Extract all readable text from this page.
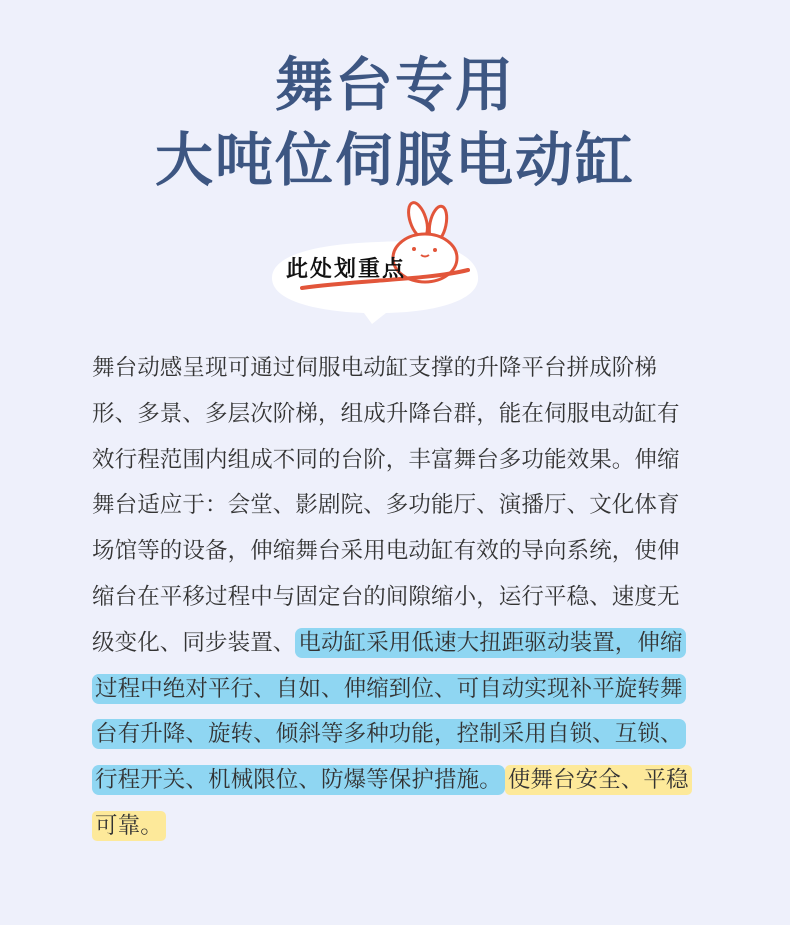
舞台专用
大吨位伺服电动缸
此处划重点

舞台动感呈现可通过伺服电动缸支撑的升降平台拼成阶梯形、多景、多层次阶梯，组成升降台群，能在伺服电动缸有效行程范围内组成不同的台阶，丰富舞台多功能效果。伸缩舞台适应于：会堂、影剧院、多功能厅、演播厅、文化体育场馆等的设备，伸缩舞台采用电动缸有效的导向系统，使伸缩台在平移过程中与固定台的间隙缩小，运行平稳、速度无级变化、同步装置、 电动缸采用低速大扭距驱动装置，伸缩过程中绝对平行、自如、伸缩到位、可自动实现补平旋转舞台有升降、旋转、倾斜等多种功能，控制采用自锁、互锁、行程开关、机械限位、防爆等保护措施。 使舞台安全、平稳可靠。
